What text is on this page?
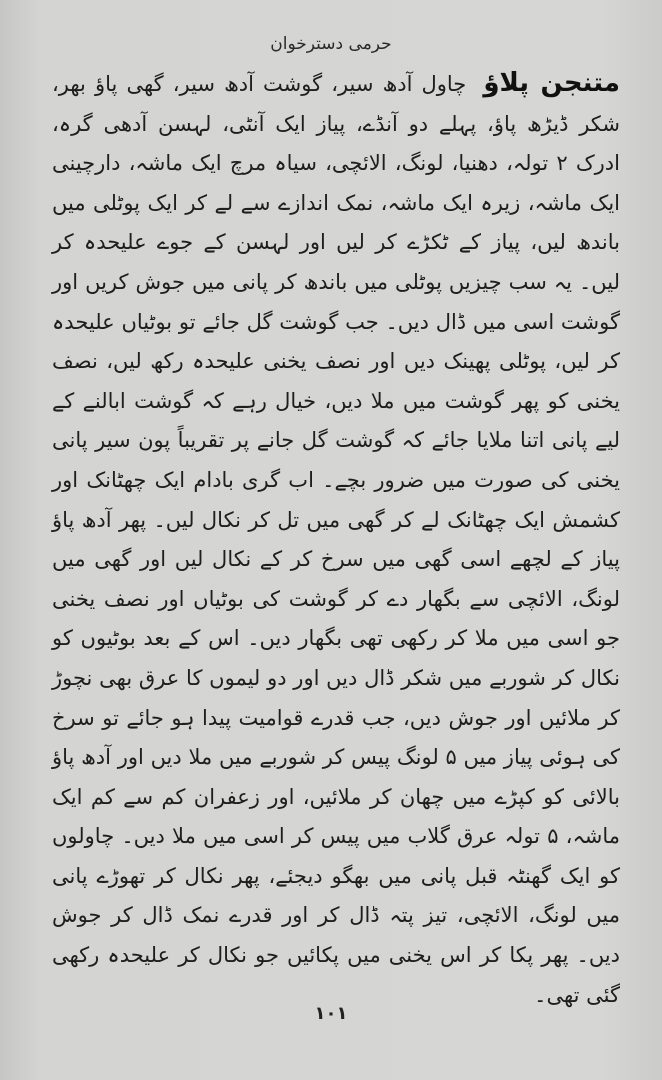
حرمی دسترخوان
متنجن پلاؤ چاول آدھ سیر، گوشت آدھ سیر، گھی پاؤ بھر، شکر ڈیڑھ پاؤ، پہلے دو آنڈے، پیاز ایک آنٹی، لہسن آدھی گرہ، ادرک ۲ تولہ، دھنیا، لونگ، الائچی، سیاہ مرچ ایک ماشہ، دارچینی ایک ماشہ، زیرہ ایک ماشہ، نمک اندازے سے لے کر ایک پوٹلی میں باندھ لیں، پیاز کے ٹکڑے کر لیں اور لہسن کے جوے علیحدہ کر لیں۔ یہ سب چیزیں پوٹلی میں باندھ کر پانی میں جوش کریں اور گوشت اسی میں ڈال دیں۔ جب گوشت گل جائے تو بوٹیاں علیحدہ کر لیں، پوٹلی پھینک دیں اور نصف یخنی علیحدہ رکھ لیں، نصف یخنی کو پھر گوشت میں ملا دیں، خیال رہے کہ گوشت ابالنے کے لیے پانی اتنا ملایا جائے کہ گوشت گل جانے پر تقریباً پون سیر پانی یخنی کی صورت میں ضرور بچے۔ اب گری بادام ایک چھٹانک اور کشمش ایک چھٹانک لے کر گھی میں تل کر نکال لیں۔ پھر آدھ پاؤ پیاز کے لچھے اسی گھی میں سرخ کر کے نکال لیں اور گھی میں لونگ، الائچی سے بگھار دے کر گوشت کی بوٹیاں اور نصف یخنی جو اسی میں ملا کر رکھی تھی بگھار دیں۔ اس کے بعد بوٹیوں کو نکال کر شوربے میں شکر ڈال دیں اور دو لیموں کا عرق بھی نچوڑ کر ملائیں اور جوش دیں، جب قدرے قوامیت پیدا ہو جائے تو سرخ کی ہوئی پیاز میں ۵ لونگ پیس کر شوربے میں ملا دیں اور آدھ پاؤ بالائی کو کپڑے میں چھان کر ملائیں، اور زعفران کم سے کم ایک ماشہ، ۵ تولہ عرق گلاب میں پیس کر اسی میں ملا دیں۔ چاولوں کو ایک گھنٹہ قبل پانی میں بھگو دیجئے، پھر نکال کر تھوڑے پانی میں لونگ، الائچی، تیز پتہ ڈال کر اور قدرے نمک ڈال کر جوش دیں۔ پھر پکا کر اس یخنی میں پکائیں جو نکال کر علیحدہ رکھی گئی تھی۔
۱۰۱
